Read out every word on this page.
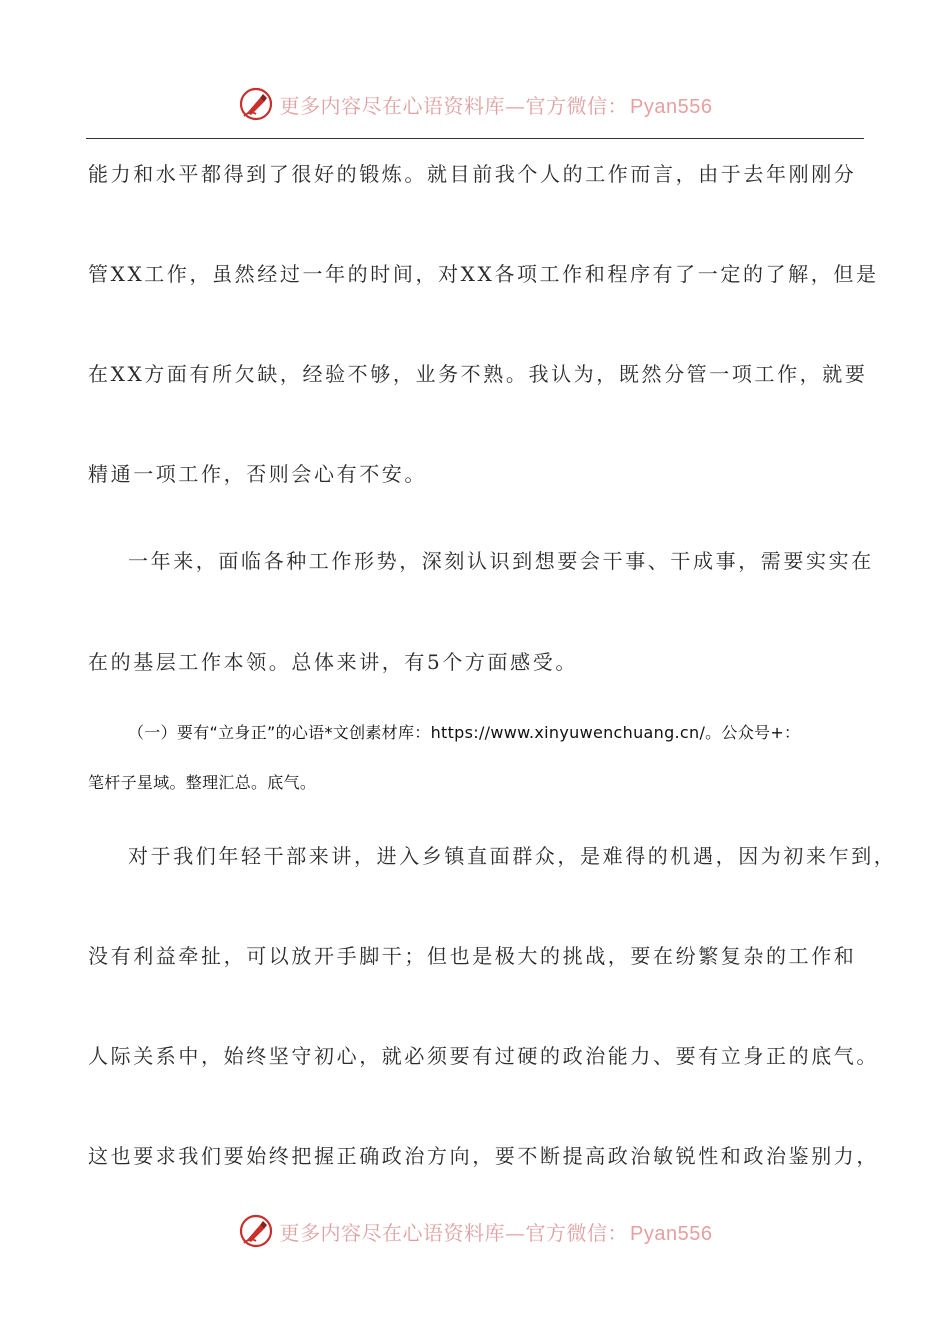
更多内容尽在心语资料库—官方微信： Pyan556
能力和水平都得到了很好的锻炼。就目前我个人的工作而言，由于去年刚刚分
管XX工作，虽然经过一年的时间，对XX各项工作和程序有了一定的了解，但是
在XX方面有所欠缺，经验不够，业务不熟。我认为，既然分管一项工作，就要
精通一项工作，否则会心有不安。
一年来，面临各种工作形势，深刻认识到想要会干事、干成事，需要实实在
在的基层工作本领。总体来讲，有5个方面感受。
（一）要有“立身正”的心语*文创素材库：https://www.xinyuwenchuang.cn/。公众号+：
笔杆子星域。整理汇总。底气。
对于我们年轻干部来讲，进入乡镇直面群众，是难得的机遇，因为初来乍到，
没有利益牵扯，可以放开手脚干；但也是极大的挑战，要在纷繁复杂的工作和
人际关系中，始终坚守初心，就必须要有过硬的政治能力、要有立身正的底气。
这也要求我们要始终把握正确政治方向，要不断提高政治敏锐性和政治鉴别力，
更多内容尽在心语资料库—官方微信： Pyan556
